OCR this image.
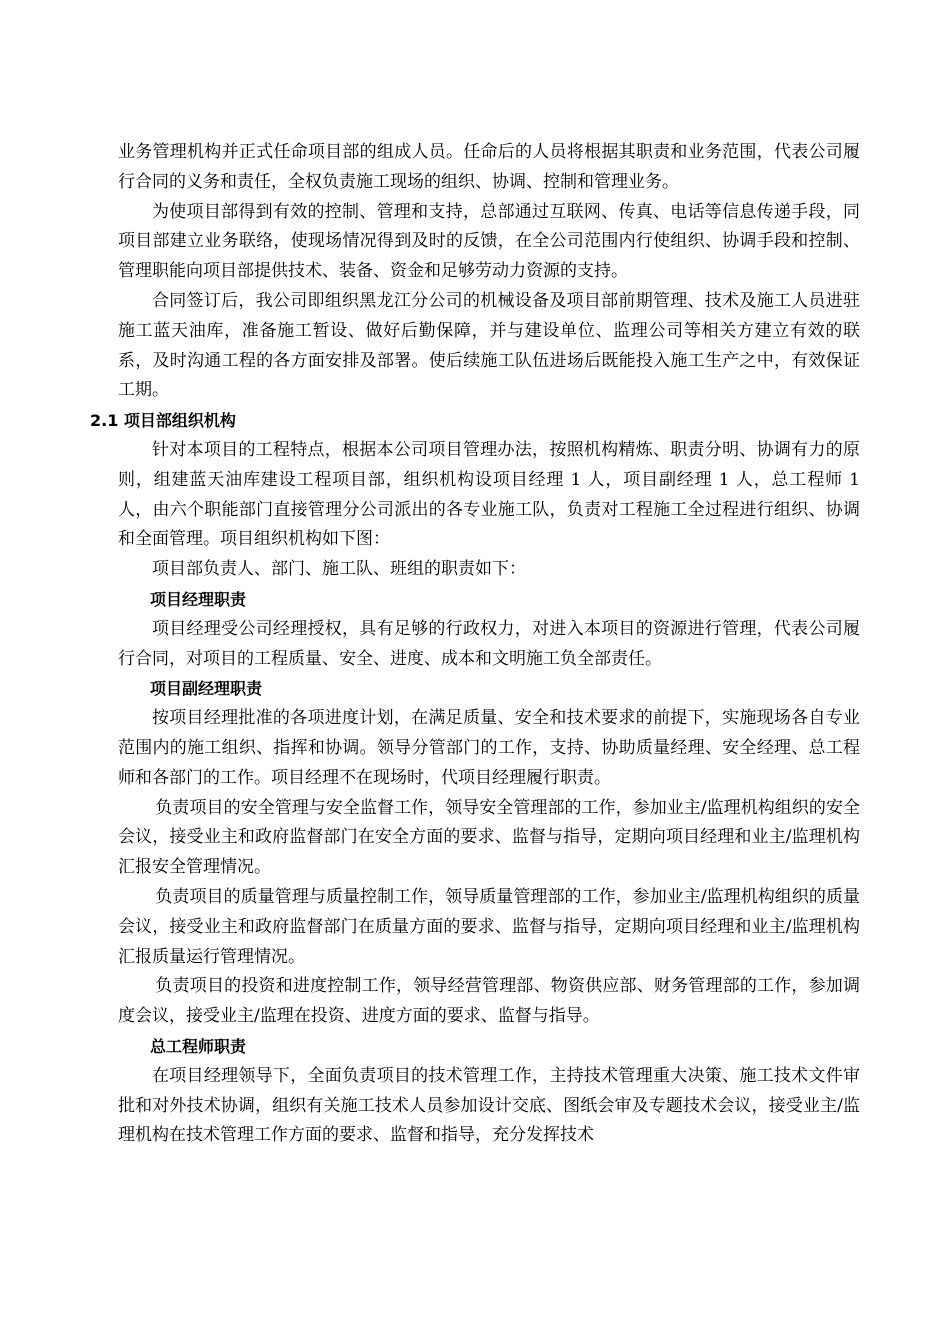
业务管理机构并正式任命项目部的组成人员。任命后的人员将根据其职责和业务范围，代表公司履行合同的义务和责任，全权负责施工现场的组织、协调、控制和管理业务。

为使项目部得到有效的控制、管理和支持，总部通过互联网、传真、电话等信息传递手段，同项目部建立业务联络，使现场情况得到及时的反馈，在全公司范围内行使组织、协调手段和控制、管理职能向项目部提供技术、装备、资金和足够劳动力资源的支持。

合同签订后，我公司即组织黑龙江分公司的机械设备及项目部前期管理、技术及施工人员进驻施工蓝天油库，准备施工暂设、做好后勤保障，并与建设单位、监理公司等相关方建立有效的联系，及时沟通工程的各方面安排及部署。使后续施工队伍进场后既能投入施工生产之中，有效保证工期。

2.1 项目部组织机构

针对本项目的工程特点，根据本公司项目管理办法，按照机构精炼、职责分明、协调有力的原则，组建蓝天油库建设工程项目部，组织机构设项目经理 1 人，项目副经理 1 人，总工程师 1 人，由六个职能部门直接管理分公司派出的各专业施工队，负责对工程施工全过程进行组织、协调和全面管理。项目组织机构如下图：

项目部负责人、部门、施工队、班组的职责如下：

项目经理职责

项目经理受公司经理授权，具有足够的行政权力，对进入本项目的资源进行管理，代表公司履行合同，对项目的工程质量、安全、进度、成本和文明施工负全部责任。

项目副经理职责

按项目经理批准的各项进度计划，在满足质量、安全和技术要求的前提下，实施现场各自专业范围内的施工组织、指挥和协调。领导分管部门的工作，支持、协助质量经理、安全经理、总工程师和各部门的工作。项目经理不在现场时，代项目经理履行职责。

负责项目的安全管理与安全监督工作，领导安全管理部的工作，参加业主/监理机构组织的安全会议，接受业主和政府监督部门在安全方面的要求、监督与指导，定期向项目经理和业主/监理机构汇报安全管理情况。

负责项目的质量管理与质量控制工作，领导质量管理部的工作，参加业主/监理机构组织的质量会议，接受业主和政府监督部门在质量方面的要求、监督与指导，定期向项目经理和业主/监理机构汇报质量运行管理情况。

负责项目的投资和进度控制工作，领导经营管理部、物资供应部、财务管理部的工作，参加调度会议，接受业主/监理在投资、进度方面的要求、监督与指导。

总工程师职责

在项目经理领导下，全面负责项目的技术管理工作，主持技术管理重大决策、施工技术文件审批和对外技术协调，组织有关施工技术人员参加设计交底、图纸会审及专题技术会议，接受业主/监理机构在技术管理工作方面的要求、监督和指导，充分发挥技术
